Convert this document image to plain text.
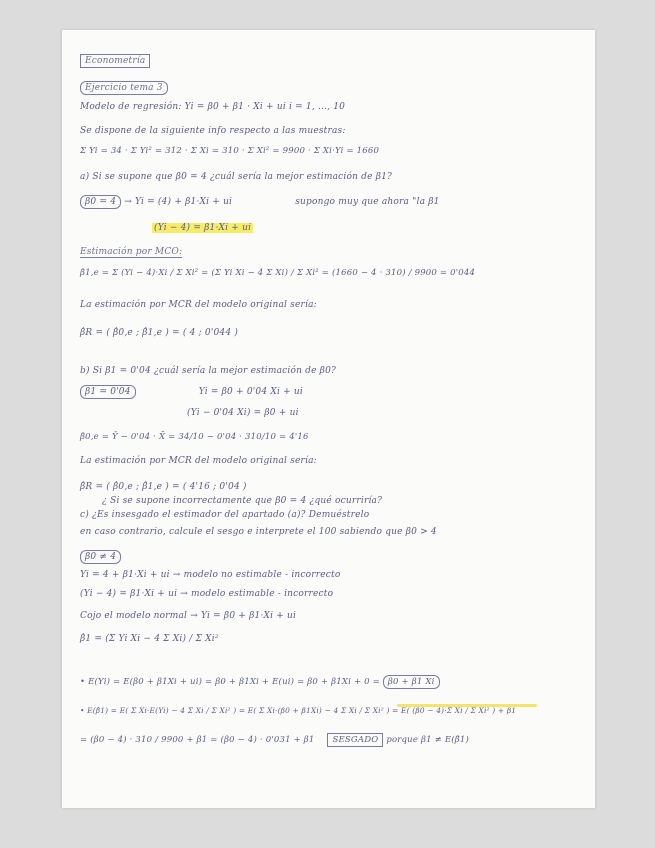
Econometría
Ejercicio tema 3
Modelo de regresión: Yi = β0 + β1 · Xi + ui i = 1, ..., 10
Se dispone de la siguiente info respecto a las muestras:
Σ Yi = 34 · Σ Yi² = 312 · Σ Xi = 310 · Σ Xi² = 9900 · Σ Xi·Yi = 1660
a) Si se supone que β0 = 4 ¿cuál sería la mejor estimación de β1?
β0 = 4 → Yi = (4) + β1·Xi + ui	supongo muy que ahora "la β1
(Yi − 4) = β1·Xi + ui
Estimación por MCO:
β̂1,e = Σ (Yi − 4)·Xi / Σ Xi² = (Σ Yi Xi − 4 Σ Xi) / Σ Xi² = (1660 − 4 · 310) / 9900 = 0'044
La estimación por MCR del modelo original sería:
β̂R = ( β̂0,e ; β̂1,e ) = ( 4 ; 0'044 )
b) Si β1 = 0'04 ¿cuál sería la mejor estimación de β0?
β1 = 0'04	Yi = β0 + 0'04 Xi + ui
(Yi − 0'04 Xi) = β0 + ui
β̂0,e = Ȳ − 0'04 · X̄ = 34/10 − 0'04 · 310/10 = 4'16
La estimación por MCR del modelo original sería:
β̂R = ( β̂0,e ; β̂1,e ) = ( 4'16 ; 0'04 )
¿ Si se supone incorrectamente que β0 = 4 ¿qué ocurriría?
c) ¿Es insesgado el estimador del apartado (a)? Demuéstrelo
en caso contrario, calcule el sesgo e interprete el 100 sabiendo que β0 > 4
β0 ≠ 4
Yi = 4 + β1·Xi + ui → modelo no estimable - incorrecto
(Yi − 4) = β1·Xi + ui → modelo estimable - incorrecto
Cojo el modelo normal → Yi = β0 + β1·Xi + ui
β̂1 = (Σ Yi Xi − 4 Σ Xi) / Σ Xi²
• E(Yi) = E(β0 + β1Xi + ui) = β0 + β1Xi + E(ui) = β0 + β1Xi + 0 = β0 + β1 Xi
• E(β̂1) = E( Σ Xi·E(Yi) − 4 Σ Xi / Σ Xi² ) = E( Σ Xi·(β0 + β1Xi) − 4 Σ Xi / Σ Xi² ) = E( (β0 − 4)·Σ Xi / Σ Xi² ) + β1
= (β0 − 4) · 310 / 9900 + β1 = (β0 − 4) · 0'031 + β1 SESGADO porque β1 ≠ E(β̂1)
